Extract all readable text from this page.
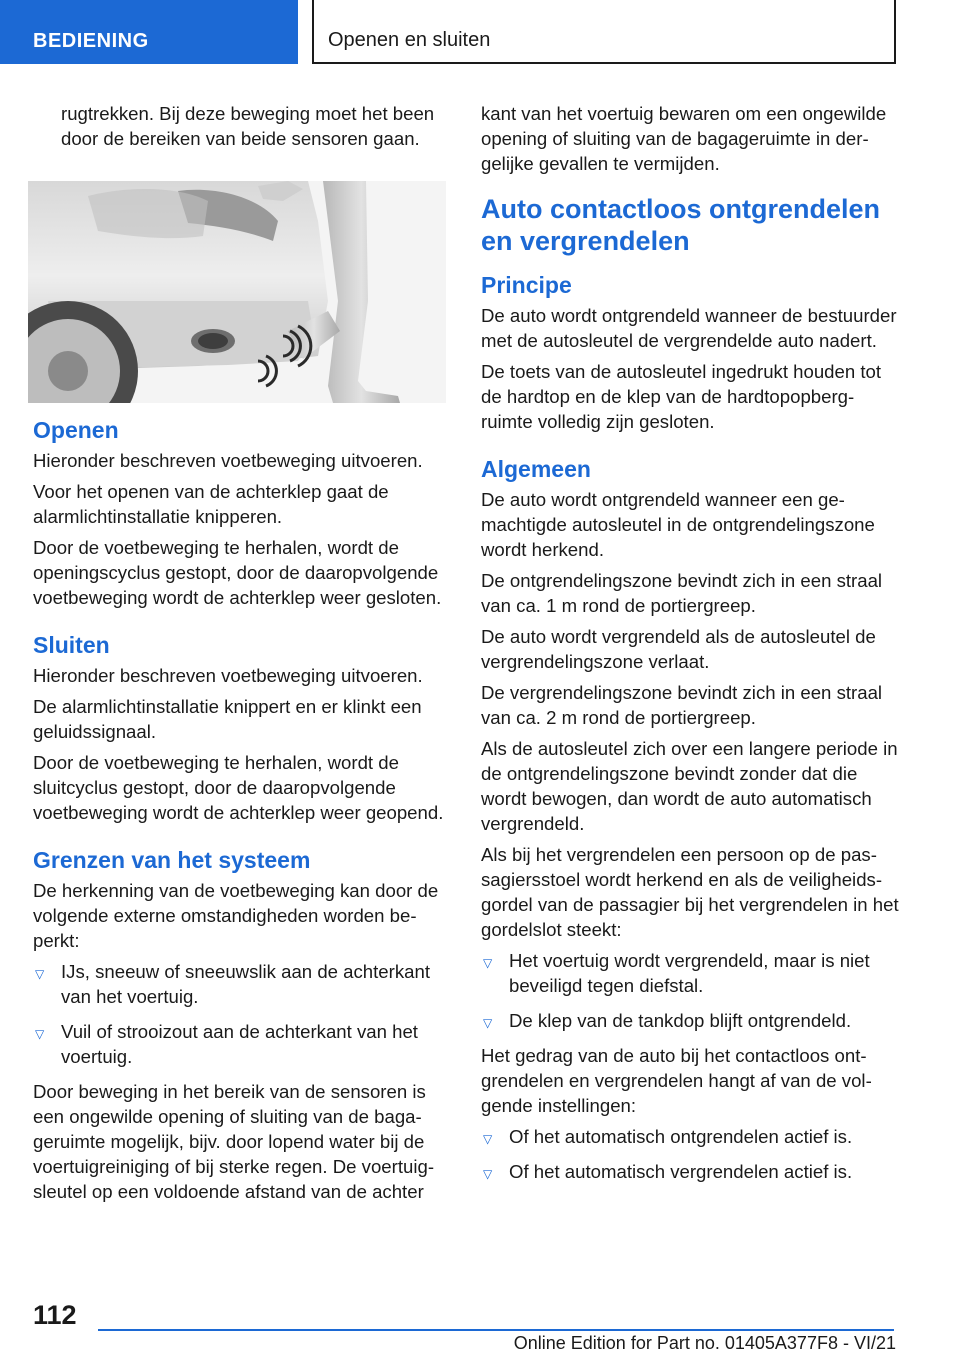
BEDIENING	Openen en sluiten

rugtrekken. Bij deze beweging moet het been door de bereiken van beide sensoren gaan.

Openen

Hieronder beschreven voetbeweging uitvoeren.

Voor het openen van de achterklep gaat de alarmlichtinstallatie knipperen.

Door de voetbeweging te herhalen, wordt de openingscyclus gestopt, door de daaropvolgende voetbeweging wordt de achterklep weer gesloten.

Sluiten

Hieronder beschreven voetbeweging uitvoeren.

De alarmlichtinstallatie knippert en er klinkt een geluidssignaal.

Door de voetbeweging te herhalen, wordt de sluitcyclus gestopt, door de daaropvolgende voetbeweging wordt de achterklep weer geopend.

Grenzen van het systeem

De herkenning van de voetbeweging kan door de volgende externe omstandigheden worden beperkt:

▽ IJs, sneeuw of sneeuwslik aan de achterkant van het voertuig.
▽ Vuil of strooizout aan de achterkant van het voertuig.

Door beweging in het bereik van de sensoren is een ongewilde opening of sluiting van de bagageruimte mogelijk, bijv. door lopend water bij de voertuigreiniging of bij sterke regen. De voertuigsleutel op een voldoende afstand van de achter

kant van het voertuig bewaren om een ongewilde opening of sluiting van de bagageruimte in dergelijke gevallen te vermijden.

Auto contactloos ontgrendelen en vergrendelen
Principe

De auto wordt ontgrendeld wanneer de bestuurder met de autosleutel de vergrendelde auto nadert.

De toets van de autosleutel ingedrukt houden tot de hardtop en de klep van de hardtopopbergruimte volledig zijn gesloten.

Algemeen

De auto wordt ontgrendeld wanneer een gemachtigde autosleutel in de ontgrendelingszone wordt herkend.

De ontgrendelingszone bevindt zich in een straal van ca. 1 m rond de portiergreep.

De auto wordt vergrendeld als de autosleutel de vergrendelingszone verlaat.

De vergrendelingszone bevindt zich in een straal van ca. 2 m rond de portiergreep.

Als de autosleutel zich over een langere periode in de ontgrendelingszone bevindt zonder dat die wordt bewogen, dan wordt de auto automatisch vergrendeld.

Als bij het vergrendelen een persoon op de passagiersstoel wordt herkend en als de veiligheidsgordel van de passagier bij het vergrendelen in het gordelslot steekt:

▽ Het voertuig wordt vergrendeld, maar is niet beveiligd tegen diefstal.
▽ De klep van de tankdop blijft ontgrendeld.

Het gedrag van de auto bij het contactloos ontgrendelen en vergrendelen hangt af van de volgende instellingen:

▽ Of het automatisch ontgrendelen actief is.
▽ Of het automatisch vergrendelen actief is.
112
Online Edition for Part no. 01405A377F8 - VI/21
